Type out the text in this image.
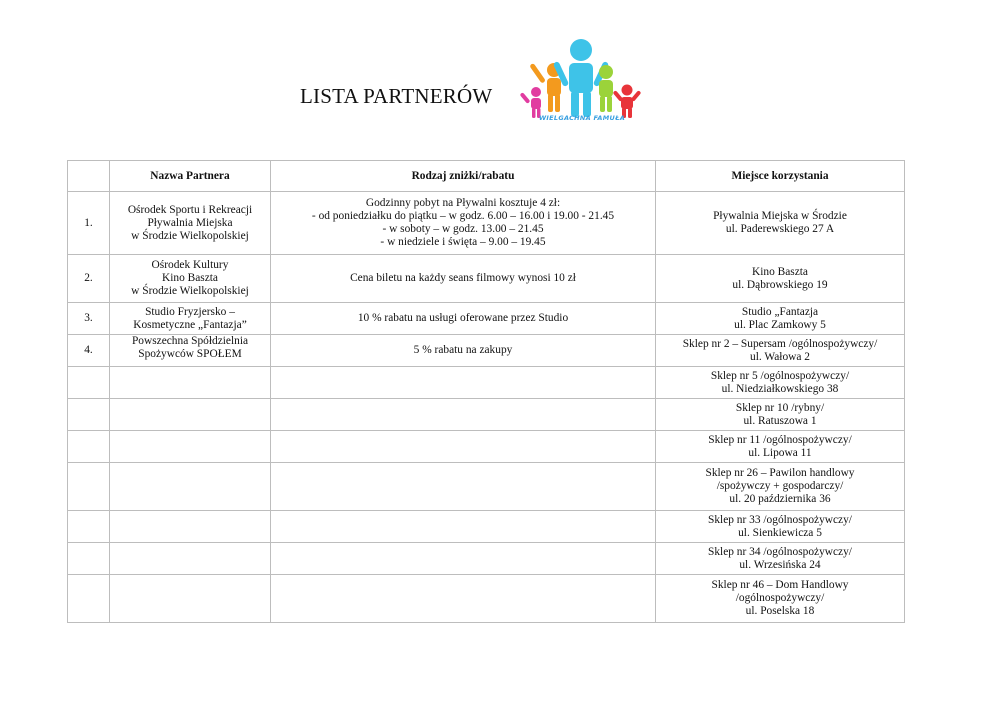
LISTA PARTNERÓW
WIELGACHNA FAMUŁA
	Nazwa Partnera	Rodzaj zniżki/rabatu	Miejsce korzystania
1.	Ośrodek Sportu i Rekreacji
Pływalnia Miejska
w Środzie Wielkopolskiej	Godzinny pobyt na Pływalni kosztuje 4 zł:
- od poniedziałku do piątku – w godz. 6.00 – 16.00 i 19.00 - 21.45
- w soboty – w godz. 13.00 – 21.45
- w niedziele i święta – 9.00 – 19.45	Pływalnia Miejska w Środzie
ul. Paderewskiego 27 A
2.	Ośrodek Kultury
Kino Baszta
w Środzie Wielkopolskiej	Cena biletu na każdy seans filmowy wynosi 10 zł	Kino Baszta
ul. Dąbrowskiego 19
3.	Studio Fryzjersko –
Kosmetyczne „Fantazja”	10 % rabatu na usługi oferowane przez Studio	Studio „Fantazja
ul. Plac Zamkowy 5
4.	Powszechna Spółdzielnia
Spożywców SPOŁEM	5 % rabatu na zakupy	Sklep nr 2 – Supersam /ogólnospożywczy/
ul. Wałowa 2
			Sklep nr 5 /ogólnospożywczy/
ul. Niedziałkowskiego 38
			Sklep nr 10 /rybny/
ul. Ratuszowa 1
			Sklep nr 11 /ogólnospożywczy/
ul. Lipowa 11
			Sklep nr 26 – Pawilon handlowy
/spożywczy + gospodarczy/
ul. 20 października 36
			Sklep nr 33 /ogólnospożywczy/
ul. Sienkiewicza 5
			Sklep nr 34 /ogólnospożywczy/
ul. Wrzesińska 24
			Sklep nr 46 – Dom Handlowy
/ogólnospożywczy/
ul. Poselska 18
